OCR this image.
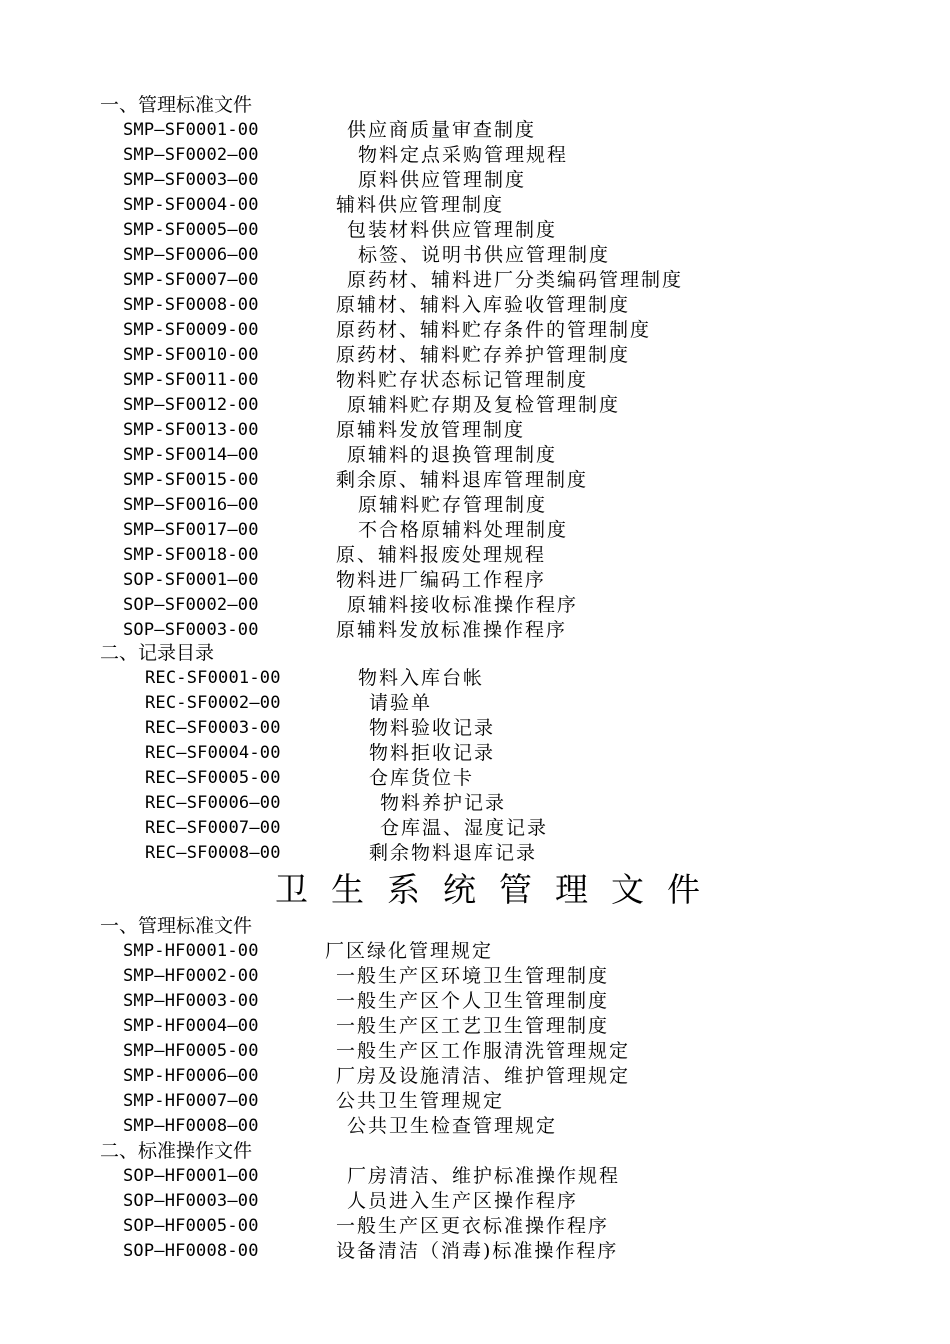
一、管理标准文件
SMP—SF0001-00	供应商质量审查制度
SMP—SF0002—00	物料定点采购管理规程
SMP—SF0003—00	原料供应管理制度
SMP-SF0004-00	辅料供应管理制度
SMP-SF0005—00	包装材料供应管理制度
SMP—SF0006—00	标签、说明书供应管理制度
SMP-SF0007—00	原药材、辅料进厂分类编码管理制度
SMP-SF0008-00	原辅材、辅料入库验收管理制度
SMP-SF0009-00	原药材、辅料贮存条件的管理制度
SMP-SF0010-00	原药材、辅料贮存养护管理制度
SMP-SF0011-00	物料贮存状态标记管理制度
SMP—SF0012-00	原辅料贮存期及复检管理制度
SMP-SF0013-00	原辅料发放管理制度
SMP-SF0014—00	原辅料的退换管理制度
SMP-SF0015-00	剩余原、辅料退库管理制度
SMP—SF0016—00	原辅料贮存管理制度
SMP—SF0017—00	不合格原辅料处理制度
SMP-SF0018-00	原、辅料报废处理规程
SOP-SF0001—00	物料进厂编码工作程序
SOP—SF0002—00	原辅料接收标准操作程序
SOP—SF0003-00	原辅料发放标准操作程序
二、记录目录
REC-SF0001-00	物料入库台帐
REC-SF0002—00	请验单
REC—SF0003-00	物料验收记录
REC—SF0004-00	物料拒收记录
REC—SF0005-00	仓库货位卡
REC—SF0006—00	物料养护记录
REC—SF0007—00	仓库温、湿度记录
REC—SF0008—00	剩余物料退库记录
卫生系统管理文件
一、管理标准文件
SMP-HF0001-00	厂区绿化管理规定
SMP—HF0002-00	一般生产区环境卫生管理制度
SMP—HF0003-00	一般生产区个人卫生管理制度
SMP-HF0004—00	一般生产区工艺卫生管理制度
SMP—HF0005-00	一般生产区工作服清洗管理规定
SMP-HF0006—00	厂房及设施清洁、维护管理规定
SMP-HF0007—00	公共卫生管理规定
SMP—HF0008—00	公共卫生检查管理规定
二、标准操作文件
SOP—HF0001—00	厂房清洁、维护标准操作规程
SOP—HF0003—00	人员进入生产区操作程序
SOP—HF0005-00	一般生产区更衣标准操作程序
SOP—HF0008-00	设备清洁（消毒)标准操作程序
